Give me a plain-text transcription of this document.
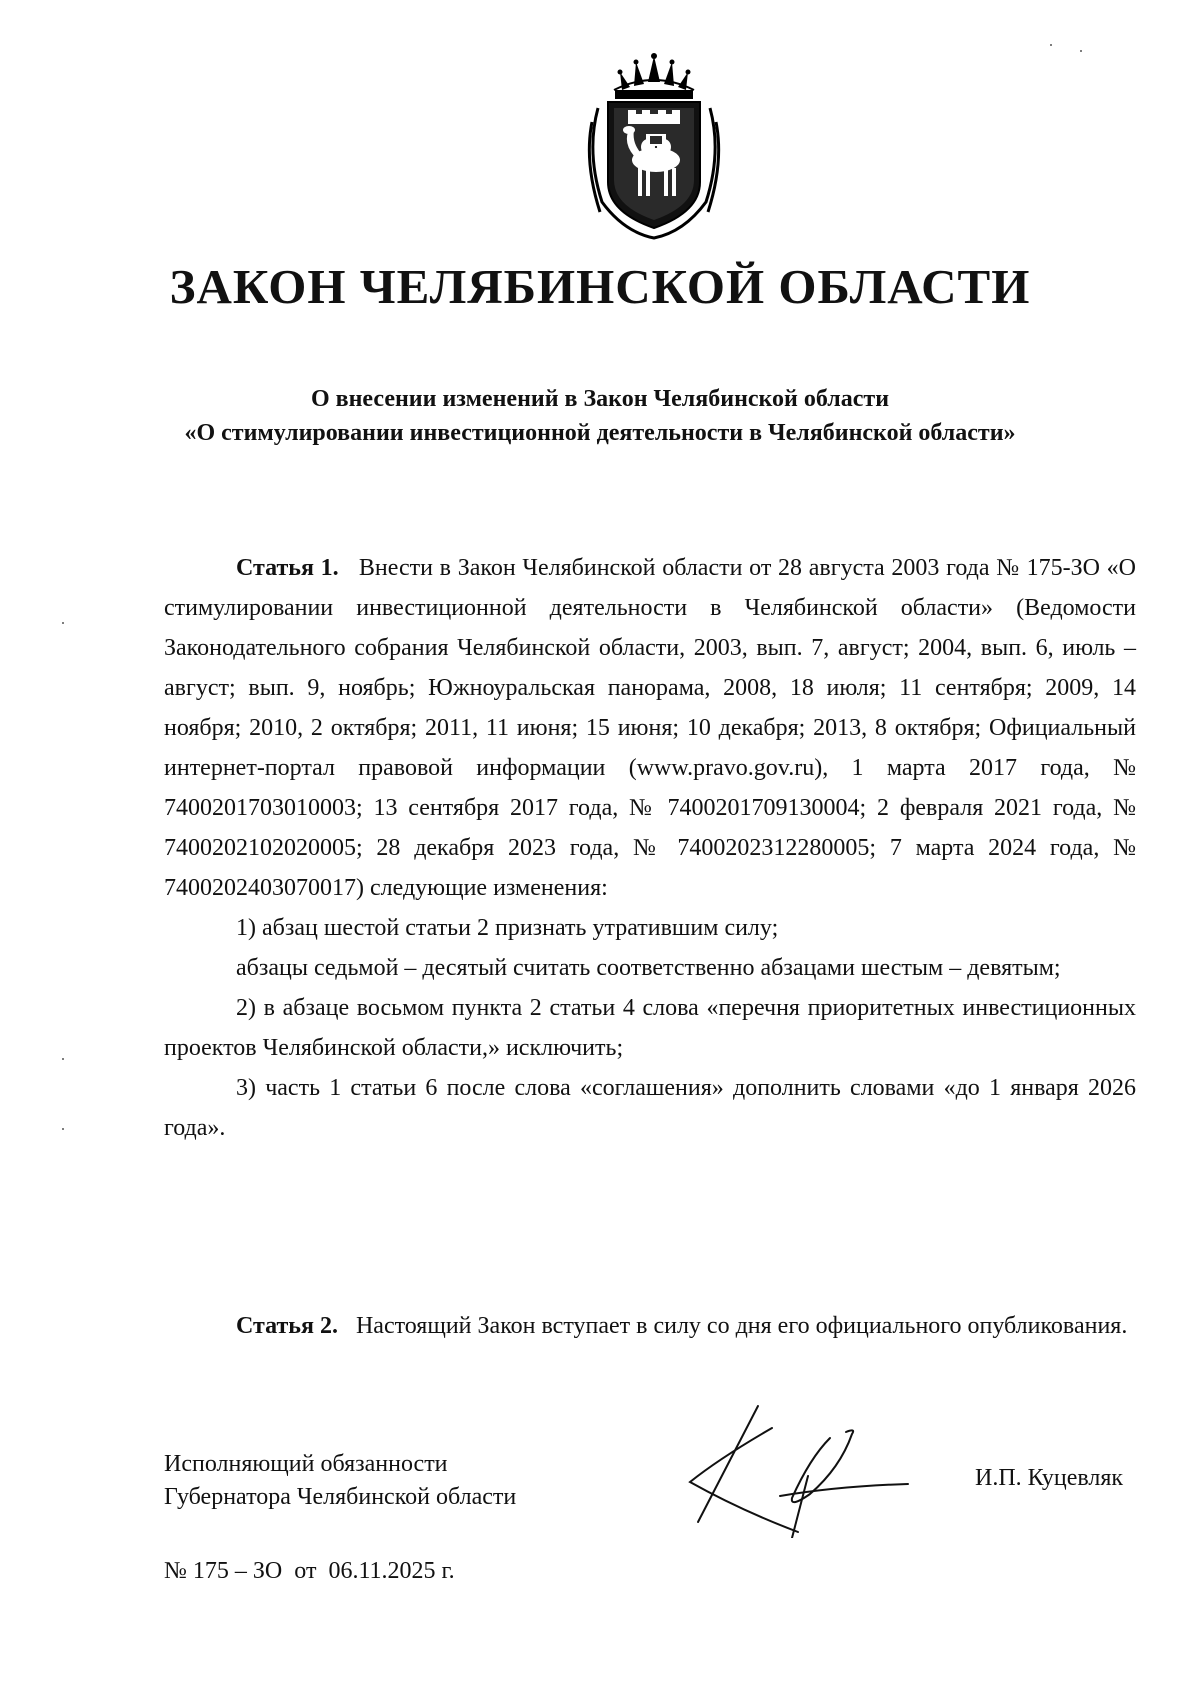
ЗАКОН ЧЕЛЯБИНСКОЙ ОБЛАСТИ
О внесении изменений в Закон Челябинской области
«О стимулировании инвестиционной деятельности в Челябинской области»

Статья 1. Внести в Закон Челябинской области от 28 августа 2003 года № 175-ЗО «О стимулировании инвестиционной деятельности в Челябинской области» (Ведомости Законодательного собрания Челябинской области, 2003, вып. 7, август; 2004, вып. 6, июль – август; вып. 9, ноябрь; Южноуральская панорама, 2008, 18 июля; 11 сентября; 2009, 14 ноября; 2010, 2 октября; 2011, 11 июня; 15 июня; 10 декабря; 2013, 8 октября; Официальный интернет-портал правовой информации (www.pravo.gov.ru), 1 марта 2017 года, № 7400201703010003; 13 сентября 2017 года, № 7400201709130004; 2 февраля 2021 года, № 7400202102020005; 28 декабря 2023 года, № 7400202312280005; 7 марта 2024 года, № 7400202403070017) следующие изменения:

1) абзац шестой статьи 2 признать утратившим силу;

абзацы седьмой – десятый считать соответственно абзацами шестым – девятым;

2) в абзаце восьмом пункта 2 статьи 4 слова «перечня приоритетных инвестиционных проектов Челябинской области,» исключить;

3) часть 1 статьи 6 после слова «соглашения» дополнить словами «до 1 января 2026 года».

Статья 2. Настоящий Закон вступает в силу со дня его официального опубликования.

Исполняющий обязанности
Губернатора Челябинской области
И.П. Куцевляк
№ 175 – ЗО от 06.11.2025 г.
